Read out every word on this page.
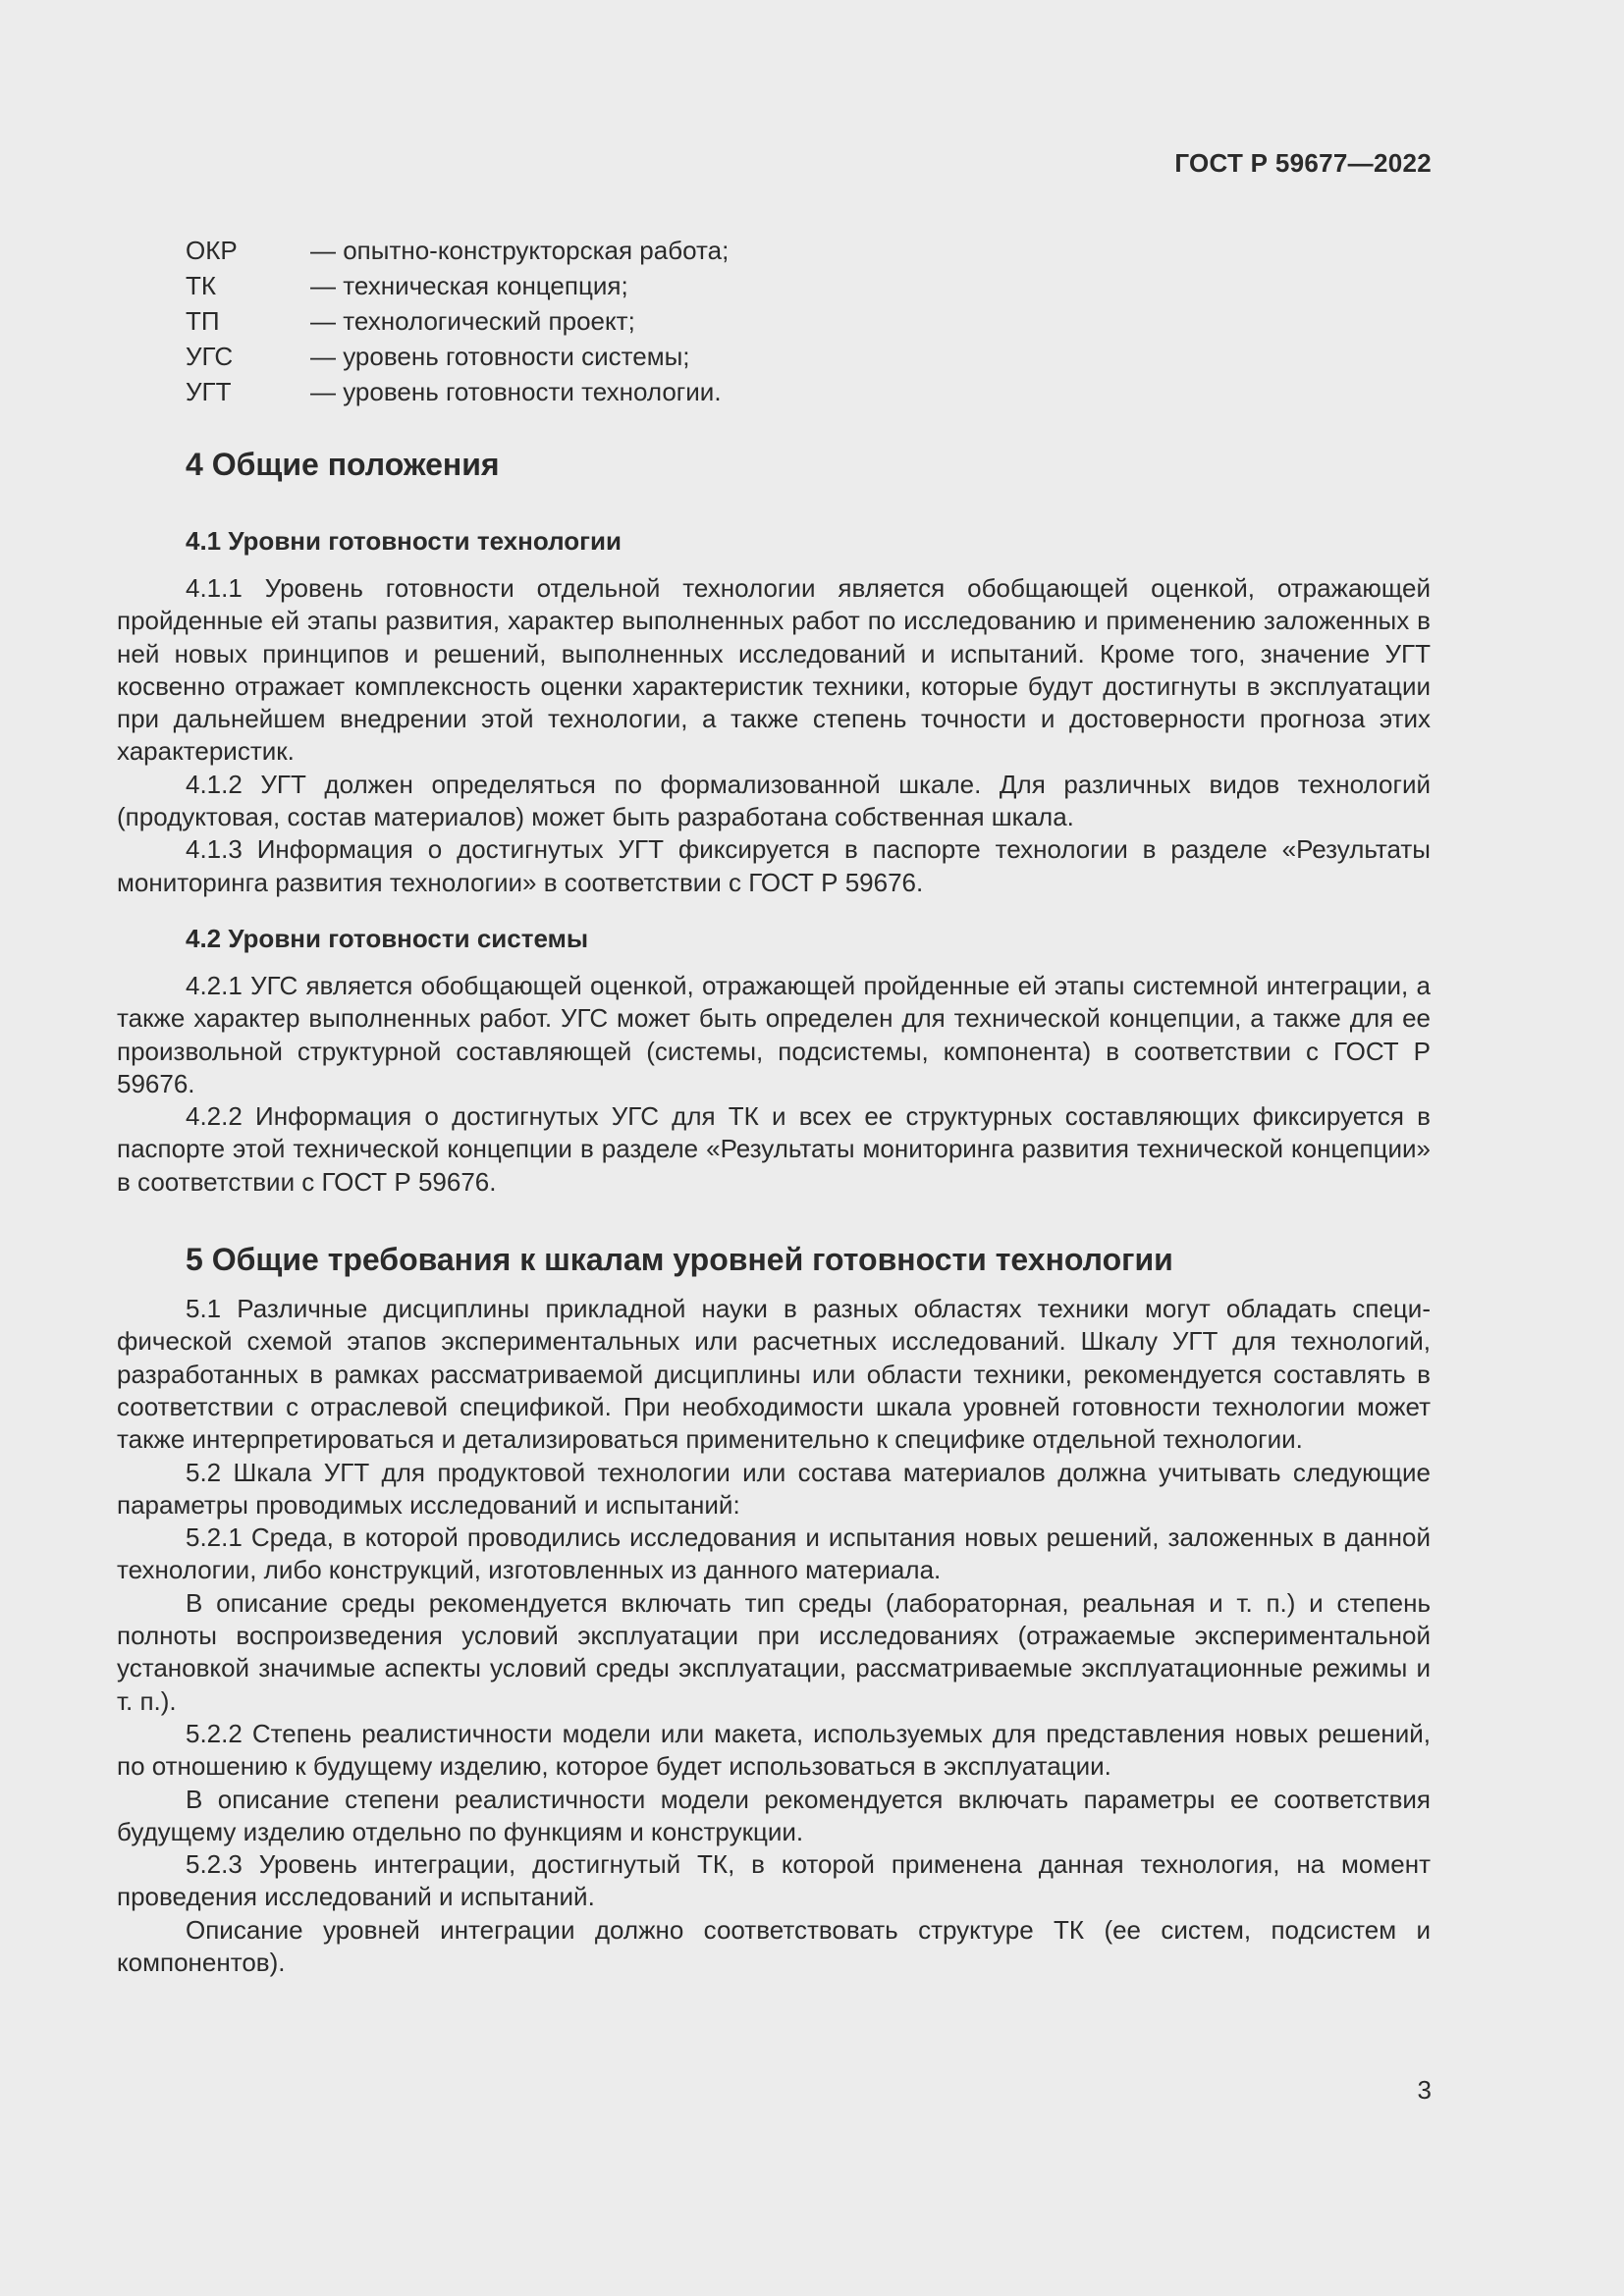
ГОСТ Р 59677—2022
ОКР	— опытно-конструкторская работа;
ТК	— техническая концепция;
ТП	— технологический проект;
УГС	— уровень готовности системы;
УГТ	— уровень готовности технологии.
4 Общие положения
4.1 Уровни готовности технологии

4.1.1 Уровень готовности отдельной технологии является обобщающей оценкой, отражающей пройденные ей этапы развития, характер выполненных работ по исследованию и применению заложенных в ней новых принципов и решений, выполненных исследований и испытаний. Кроме того, значение УГТ косвенно отражает комплексность оценки характеристик техники, которые будут достигнуты в эксплуатации при дальнейшем внедрении этой технологии, а также степень точности и достоверности прогноза этих характеристик.

4.1.2 УГТ должен определяться по формализованной шкале. Для различных видов технологий (продуктовая, состав материалов) может быть разработана собственная шкала.

4.1.3 Информация о достигнутых УГТ фиксируется в паспорте технологии в разделе «Результаты мониторинга развития технологии» в соответствии с ГОСТ Р 59676.

4.2 Уровни готовности системы

4.2.1 УГС является обобщающей оценкой, отражающей пройденные ей этапы системной интеграции, а также характер выполненных работ. УГС может быть определен для технической концепции, а также для ее произвольной структурной составляющей (системы, подсистемы, компонента) в соответствии с ГОСТ Р 59676.

4.2.2 Информация о достигнутых УГС для ТК и всех ее структурных составляющих фиксируется в паспорте этой технической концепции в разделе «Результаты мониторинга развития технической концепции» в соответствии с ГОСТ Р 59676.

5 Общие требования к шкалам уровней готовности технологии

5.1 Различные дисциплины прикладной науки в разных областях техники могут обладать специфической схемой этапов экспериментальных или расчетных исследований. Шкалу УГТ для технологий, разработанных в рамках рассматриваемой дисциплины или области техники, рекомендуется составлять в соответствии с отраслевой спецификой. При необходимости шкала уровней готовности технологии может также интерпретироваться и детализироваться применительно к специфике отдельной технологии.

5.2 Шкала УГТ для продуктовой технологии или состава материалов должна учитывать следующие параметры проводимых исследований и испытаний:

5.2.1 Среда, в которой проводились исследования и испытания новых решений, заложенных в данной технологии, либо конструкций, изготовленных из данного материала.

В описание среды рекомендуется включать тип среды (лабораторная, реальная и т. п.) и степень полноты воспроизведения условий эксплуатации при исследованиях (отражаемые экспериментальной установкой значимые аспекты условий среды эксплуатации, рассматриваемые эксплуатационные режимы и т. п.).

5.2.2 Степень реалистичности модели или макета, используемых для представления новых решений, по отношению к будущему изделию, которое будет использоваться в эксплуатации.

В описание степени реалистичности модели рекомендуется включать параметры ее соответствия будущему изделию отдельно по функциям и конструкции.

5.2.3 Уровень интеграции, достигнутый ТК, в которой применена данная технология, на момент проведения исследований и испытаний.

Описание уровней интеграции должно соответствовать структуре ТК (ее систем, подсистем и компонентов).

3
